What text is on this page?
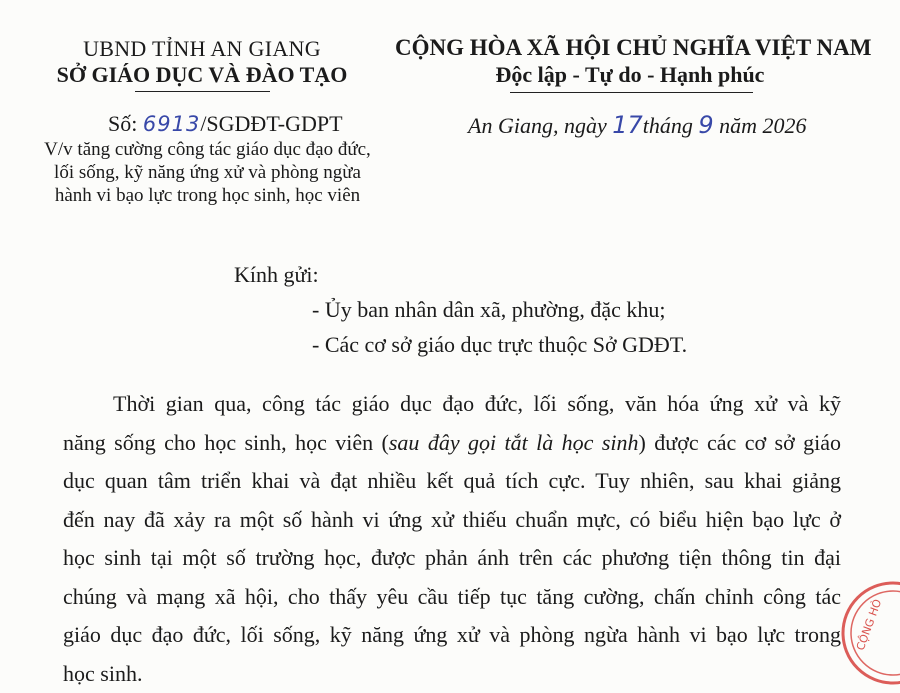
UBND TỈNH AN GIANG
SỞ GIÁO DỤC VÀ ĐÀO TẠO
CỘNG HÒA XÃ HỘI CHỦ NGHĨA VIỆT NAM
Độc lập - Tự do - Hạnh phúc
Số: 6913/SGDĐT-GDPT
V/v tăng cường công tác giáo dục đạo đức,
lối sống, kỹ năng ứng xử và phòng ngừa
hành vi bạo lực trong học sinh, học viên
An Giang, ngày 17tháng 9 năm 2026
Kính gửi:
- Ủy ban nhân dân xã, phường, đặc khu;
- Các cơ sở giáo dục trực thuộc Sở GDĐT.
Thời gian qua, công tác giáo dục đạo đức, lối sống, văn hóa ứng xử và kỹ
năng sống cho học sinh, học viên (sau đây gọi tắt là học sinh) được các cơ sở giáo
dục quan tâm triển khai và đạt nhiều kết quả tích cực. Tuy nhiên, sau khai giảng
đến nay đã xảy ra một số hành vi ứng xử thiếu chuẩn mực, có biểu hiện bạo lực ở
học sinh tại một số trường học, được phản ánh trên các phương tiện thông tin đại
chúng và mạng xã hội, cho thấy yêu cầu tiếp tục tăng cường, chấn chỉnh công tác
giáo dục đạo đức, lối sống, kỹ năng ứng xử và phòng ngừa hành vi bạo lực trong
học sinh.
CỘNG HÒ
